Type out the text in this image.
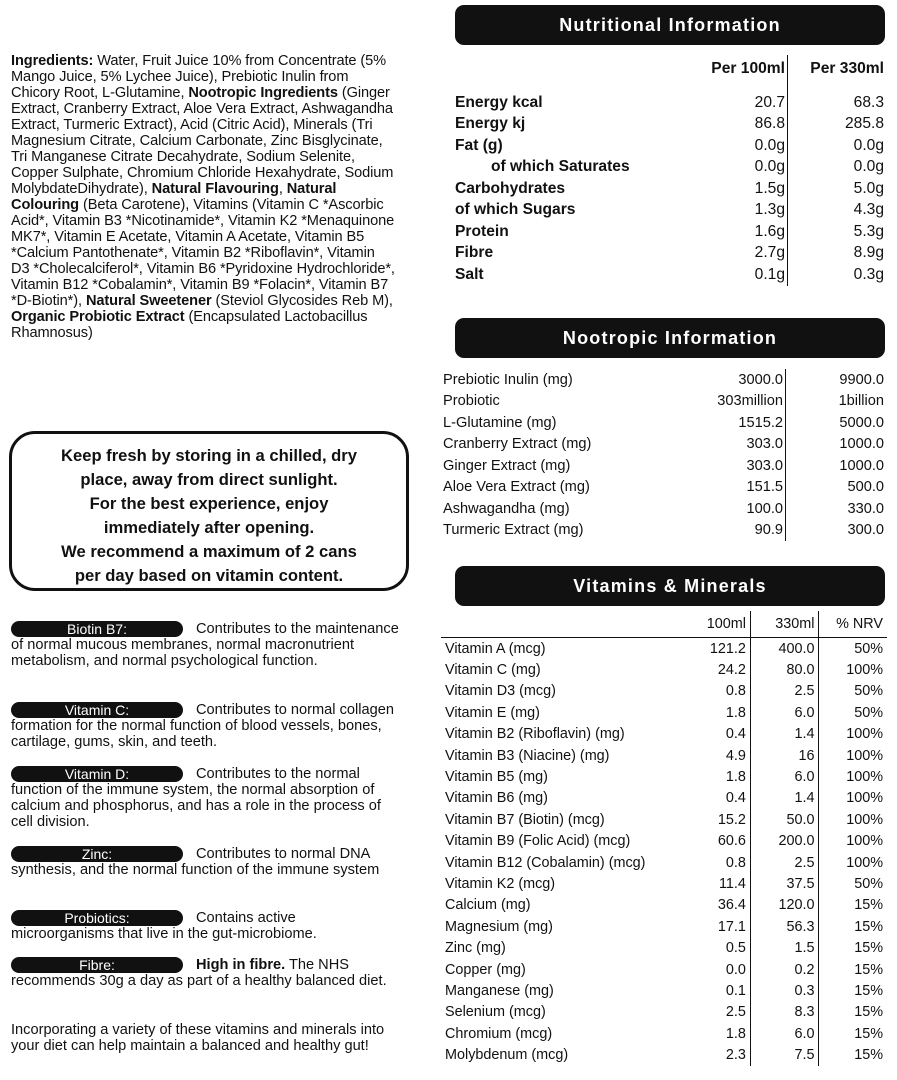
Ingredients: Water, Fruit Juice 10% from Concentrate (5% Mango Juice, 5% Lychee Juice), Prebiotic Inulin from Chicory Root, L-Glutamine, Nootropic Ingredients (Ginger Extract, Cranberry Extract, Aloe Vera Extract, Ashwagandha Extract, Turmeric Extract), Acid (Citric Acid), Minerals (Tri Magnesium Citrate, Calcium Carbonate, Zinc Bisglycinate, Tri Manganese Citrate Decahydrate, Sodium Selenite, Copper Sulphate, Chromium Chloride Hexahydrate, Sodium MolybdateDihydrate), Natural Flavouring, Natural Colouring (Beta Carotene), Vitamins (Vitamin C *Ascorbic Acid*, Vitamin B3 *Nicotinamide*, Vitamin K2 *Menaquinone MK7*, Vitamin E Acetate, Vitamin A Acetate, Vitamin B5 *Calcium Pantothenate*, Vitamin B2 *Riboflavin*, Vitamin D3 *Cholecalciferol*, Vitamin B6 *Pyridoxine Hydrochloride*, Vitamin B12 *Cobalamin*, Vitamin B9 *Folacin*, Vitamin B7 *D-Biotin*), Natural Sweetener (Steviol Glycosides Reb M), Organic Probiotic Extract (Encapsulated Lactobacillus Rhamnosus)
Keep fresh by storing in a chilled, dry
place, away from direct sunlight.
For the best experience, enjoy
immediately after opening.
We recommend a maximum of 2 cans
per day based on vitamin content.
Biotin B7:	Contributes to the maintenance of normal mucous membranes, normal macronutrient metabolism, and normal psychological function.
Vitamin C:	Contributes to normal collagen formation for the normal function of blood vessels, bones, cartilage, gums, skin, and teeth.
Vitamin D:	Contributes to the normal function of the immune system, the normal absorption of calcium and phosphorus, and has a role in the process of cell division.
Zinc:	Contributes to normal DNA synthesis, and the normal function of the immune system
Probiotics:	Contains active microorganisms that live in the gut-microbiome.
Fibre:	High in fibre. The NHS recommends 30g a day as part of a healthy balanced diet.
Incorporating a variety of these vitamins and minerals into your diet can help maintain a balanced and healthy gut!
Nutritional Information
	Per 100ml	Per 330ml

Energy kcal	20.7	68.3
Energy kj	86.8	285.8
Fat (g)	0.0g	0.0g
of which Saturates	0.0g	0.0g
Carbohydrates	1.5g	5.0g
of which Sugars	1.3g	4.3g
Protein	1.6g	5.3g
Fibre	2.7g	8.9g
Salt	0.1g	0.3g
Nootropic Information
Prebiotic Inulin (mg)	3000.0	9900.0
Probiotic	303million	1billion
L-Glutamine (mg)	1515.2	5000.0
Cranberry Extract (mg)	303.0	1000.0
Ginger Extract (mg)	303.0	1000.0
Aloe Vera Extract (mg)	151.5	500.0
Ashwagandha (mg)	100.0	330.0
Turmeric Extract (mg)	90.9	300.0
Vitamins & Minerals
	100ml	330ml	% NRV
Vitamin A (mcg)	121.2	400.0	50%
Vitamin C (mg)	24.2	80.0	100%
Vitamin D3 (mcg)	0.8	2.5	50%
Vitamin E (mg)	1.8	6.0	50%
Vitamin B2 (Riboflavin) (mg)	0.4	1.4	100%
Vitamin B3 (Niacine) (mg)	4.9	16	100%
Vitamin B5 (mg)	1.8	6.0	100%
Vitamin B6 (mg)	0.4	1.4	100%
Vitamin B7 (Biotin) (mcg)	15.2	50.0	100%
Vitamin B9 (Folic Acid) (mcg)	60.6	200.0	100%
Vitamin B12 (Cobalamin) (mcg)	0.8	2.5	100%
Vitamin K2 (mcg)	11.4	37.5	50%
Calcium (mg)	36.4	120.0	15%
Magnesium (mg)	17.1	56.3	15%
Zinc (mg)	0.5	1.5	15%
Copper (mg)	0.0	0.2	15%
Manganese (mg)	0.1	0.3	15%
Selenium (mcg)	2.5	8.3	15%
Chromium (mcg)	1.8	6.0	15%
Molybdenum (mcg)	2.3	7.5	15%
